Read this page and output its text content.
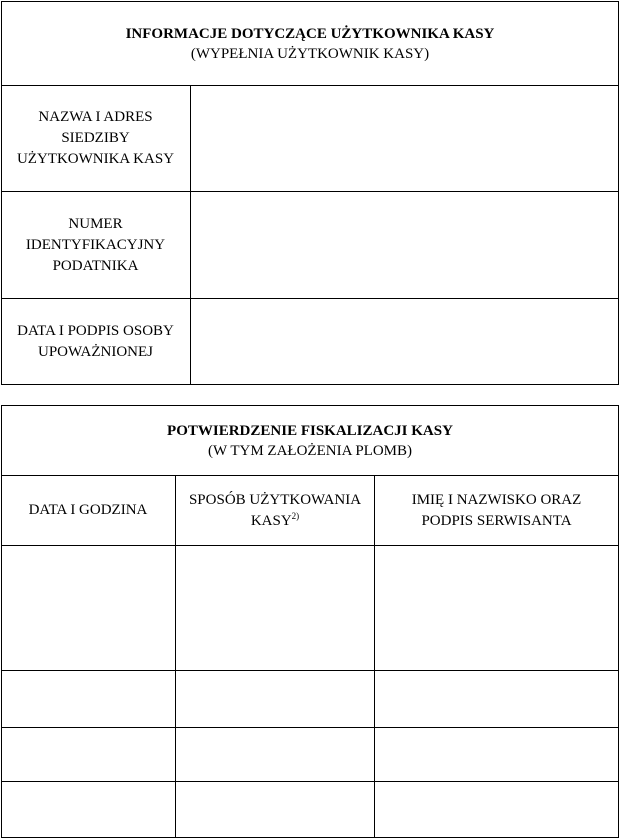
INFORMACJE DOTYCZĄCE UŻYTKOWNIKA KASY
(WYPEŁNIA UŻYTKOWNIK KASY)
NAZWA I ADRES
SIEDZIBY
UŻYTKOWNIKA KASY
NUMER
IDENTYFIKACYJNY
PODATNIKA
DATA I PODPIS OSOBY
UPOWAŻNIONEJ
POTWIERDZENIE FISKALIZACJI KASY
(W TYM ZAŁOŻENIA PLOMB)
DATA I GODZINA
SPOSÓB UŻYTKOWANIA
KASY$^{2)}$
IMIĘ I NAZWISKO ORAZ
PODPIS SERWISANTA
